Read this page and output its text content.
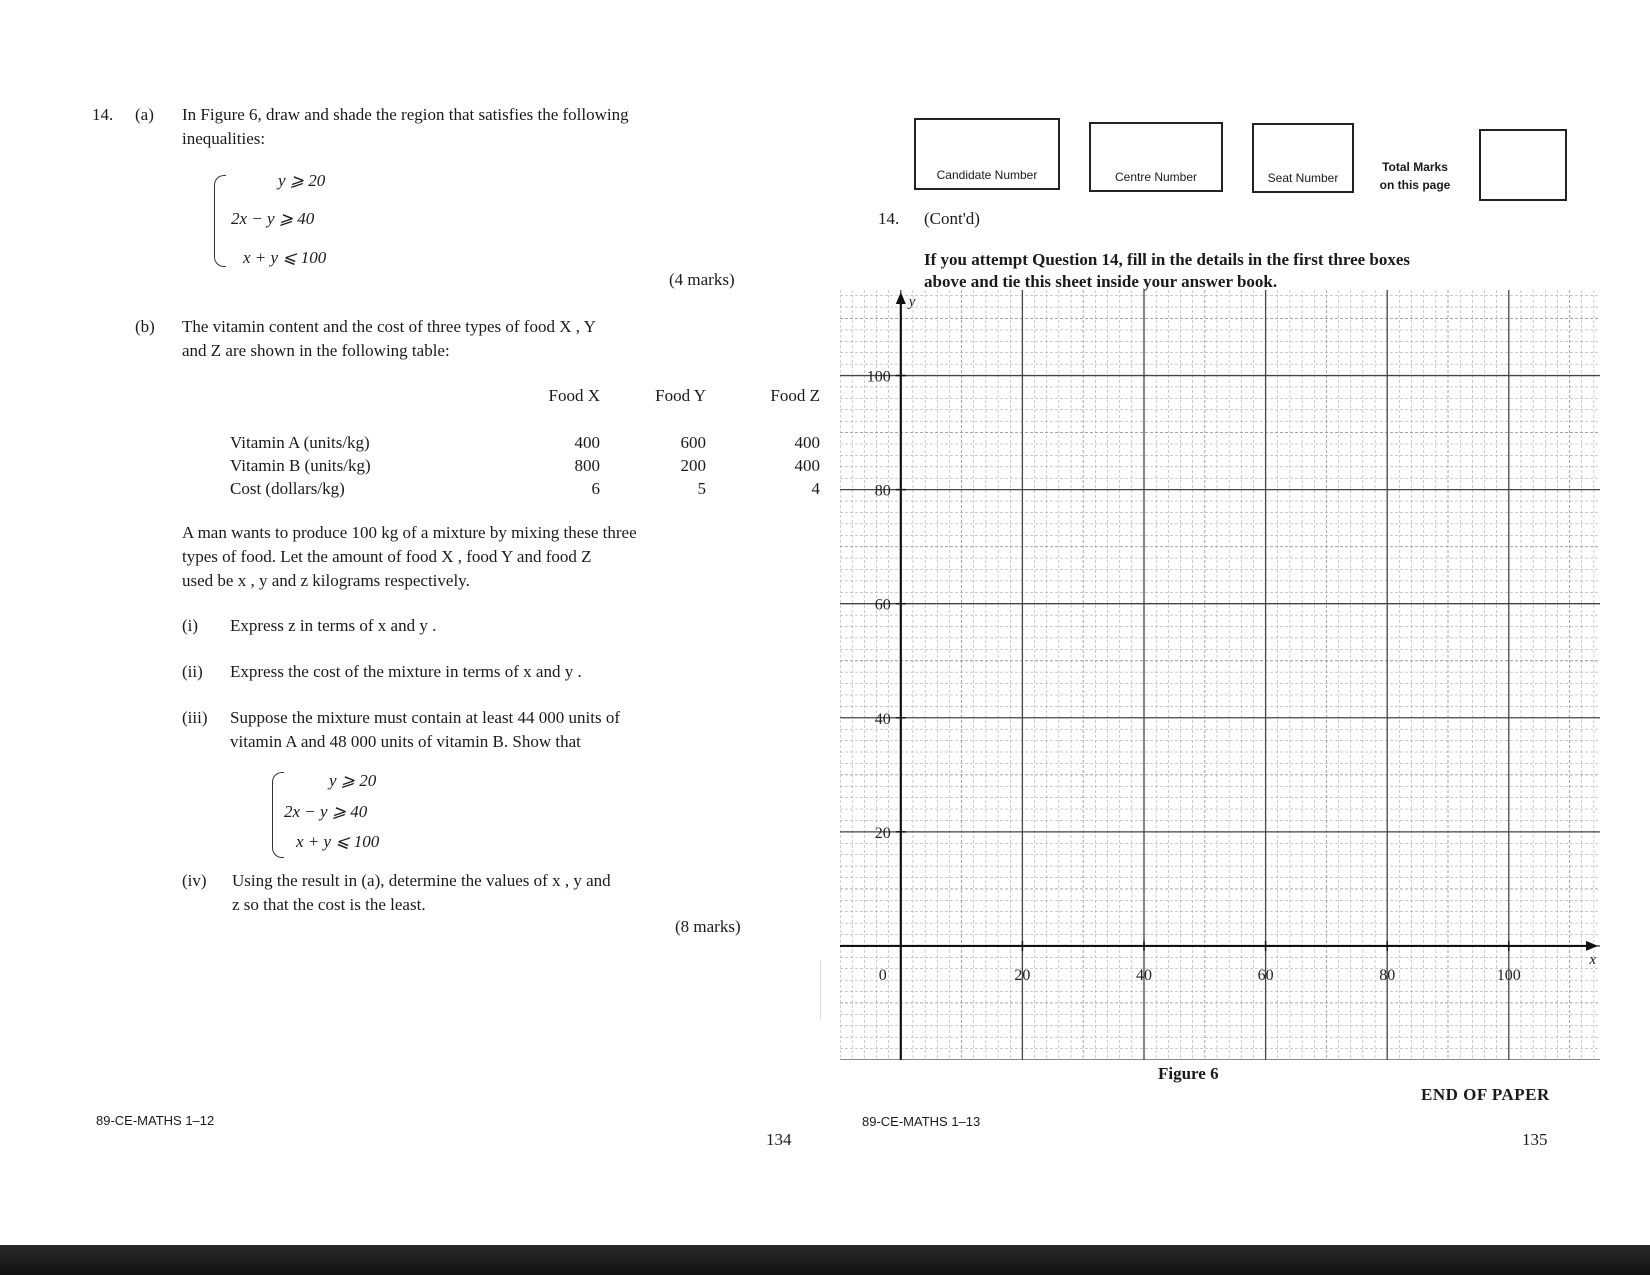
14. (a) In Figure 6, draw and shade the region that satisfies the following
inequalities:
y ⩾ 20
2x − y ⩾ 40
x + y ⩽ 100
(4 marks)
(b) The vitamin content and the cost of three types of food X , Y
and Z are shown in the following table:
	Food X	Food Y	Food Z

Vitamin A (units/kg)	400	600	400
Vitamin B (units/kg)	800	200	400
Cost (dollars/kg)	6	5	4
A man wants to produce 100 kg of a mixture by mixing these three
types of food. Let the amount of food X , food Y and food Z
used be x , y and z kilograms respectively.
(i) Express z in terms of x and y .
(ii) Express the cost of the mixture in terms of x and y .
(iii) Suppose the mixture must contain at least 44 000 units of
vitamin A and 48 000 units of vitamin B. Show that
y ⩾ 20
2x − y ⩾ 40
x + y ⩽ 100
(iv) Using the result in (a), determine the values of x , y and
z so that the cost is the least.
(8 marks)
89-CE-MATHS 1–12
134
Candidate Number	Centre Number	Seat Number
Total Marks
on this page
14. (Cont'd)
If you attempt Question 14, fill in the details in the first three boxes
above and tie this sheet inside your answer book.
Figure 6
END OF PAPER
89-CE-MATHS 1–13
135
0	20	40	60	80	100
20
40
60
80
100
x
y
